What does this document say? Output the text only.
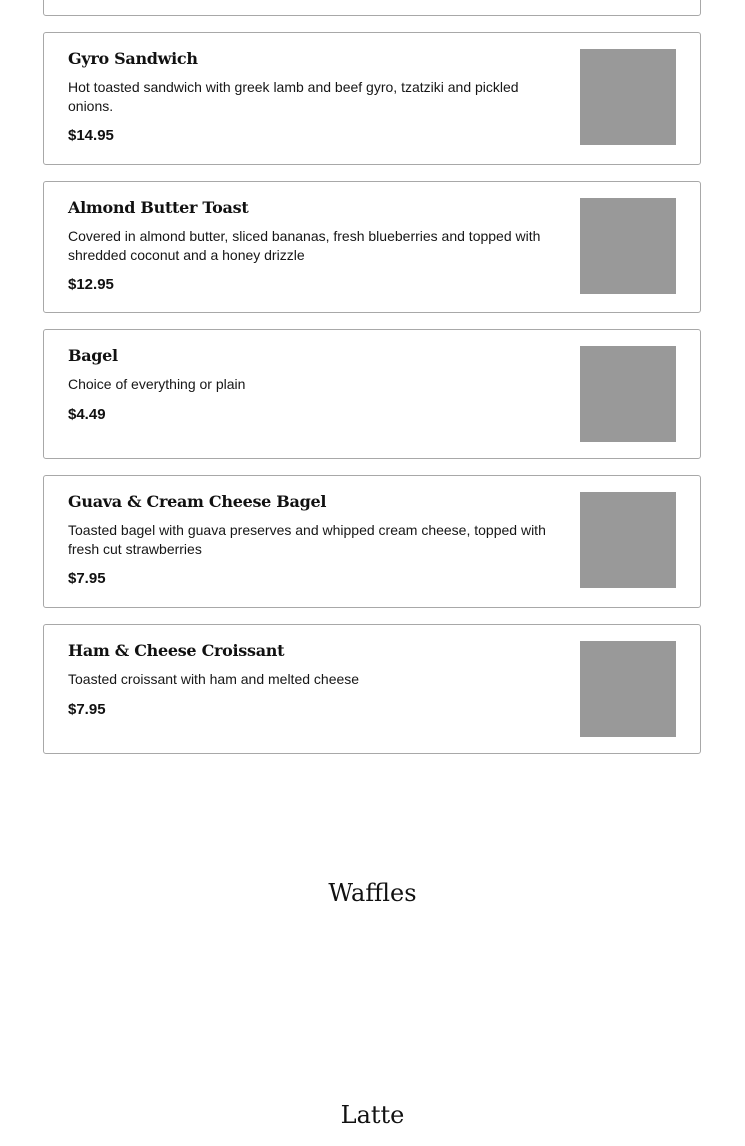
Gyro Sandwich
Hot toasted sandwich with greek lamb and beef gyro, tzatziki and pickled onions.
$14.95
Almond Butter Toast
Covered in almond butter, sliced bananas, fresh blueberries and topped with shredded coconut and a honey drizzle
$12.95
Bagel
Choice of everything or plain
$4.49
Guava & Cream Cheese Bagel
Toasted bagel with guava preserves and whipped cream cheese, topped with fresh cut strawberries
$7.95
Ham & Cheese Croissant
Toasted croissant with ham and melted cheese
$7.95
Waffles
Latte
